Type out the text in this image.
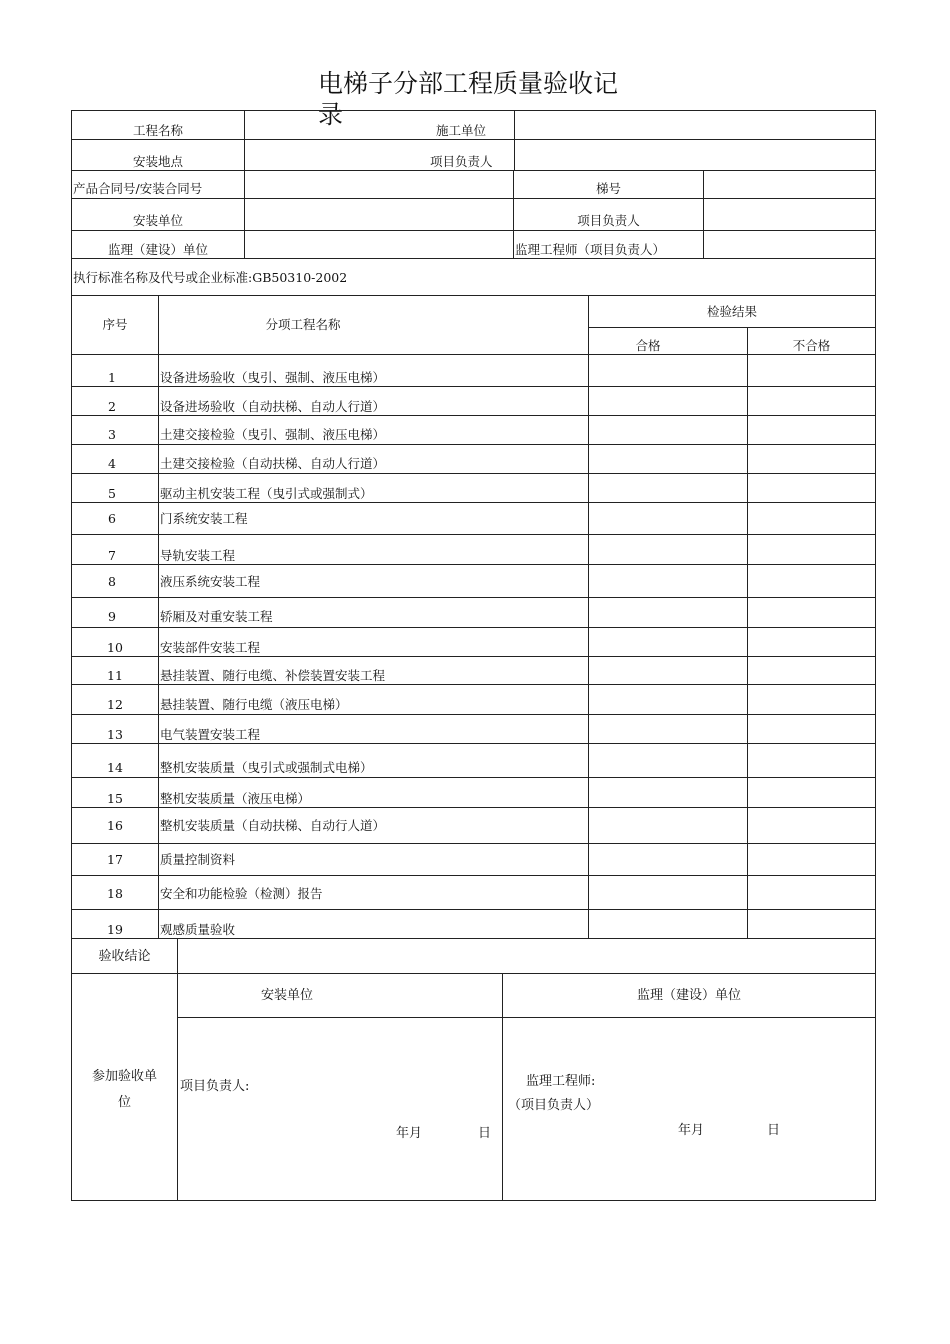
电梯子分部工程质量验收记
录
工程名称	施工单位
安装地点	项目负责人
产品合同号/安装合同号	梯号
安装单位	项目负责人
监理（建设）单位	监理工程师（项目负责人）
执行标准名称及代号或企业标准:GB50310-2002
序号	分项工程名称
检验结果
合格	不合格
1	设备进场验收（曳引、强制、液压电梯）
2	设备进场验收（自动扶梯、自动人行道）
3	土建交接检验（曳引、强制、液压电梯）
4	土建交接检验（自动扶梯、自动人行道）
5	驱动主机安装工程（曳引式或强制式）
6	门系统安装工程
7	导轨安装工程
8	液压系统安装工程
9	轿厢及对重安装工程
10	安装部件安装工程
11	悬挂装置、随行电缆、补偿装置安装工程
12	悬挂装置、随行电缆（液压电梯）
13	电气装置安装工程
14	整机安装质量（曳引式或强制式电梯）
15	整机安装质量（液压电梯）
16	整机安装质量（自动扶梯、自动行人道）
17	质量控制资料
18	安全和功能检验（检测）报告
19	观感质量验收
验收结论
参加验收单
位
安装单位	监理（建设）单位
项目负责人:	监理工程师:
（项目负责人）
年月	日	年月	日
